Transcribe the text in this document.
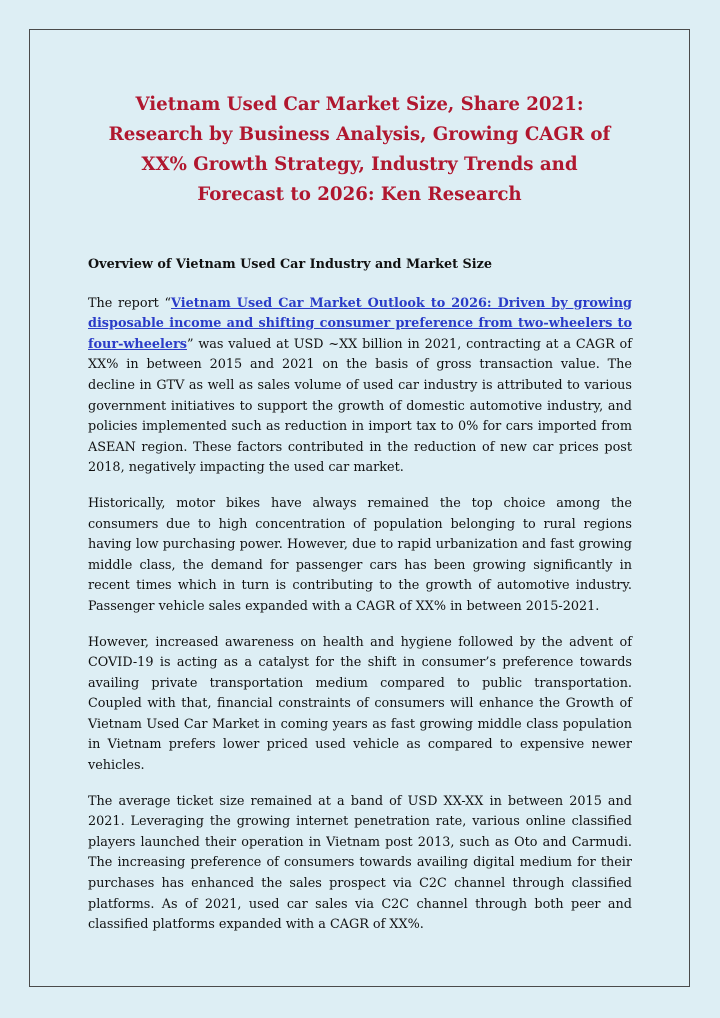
Vietnam Used Car Market Size, Share 2021: Research by Business Analysis, Growing CAGR of XX% Growth Strategy, Industry Trends and Forecast to 2026: Ken Research

Overview of Vietnam Used Car Industry and Market Size

The report “Vietnam Used Car Market Outlook to 2026: Driven by growing disposable income and shifting consumer preference from two-wheelers to four-wheelers” was valued at USD ~XX billion in 2021, contracting at a CAGR of XX% in between 2015 and 2021 on the basis of gross transaction value. The decline in GTV as well as sales volume of used car industry is attributed to various government initiatives to support the growth of domestic automotive industry, and policies implemented such as reduction in import tax to 0% for cars imported from ASEAN region. These factors contributed in the reduction of new car prices post 2018, negatively impacting the used car market.

Historically, motor bikes have always remained the top choice among the consumers due to high concentration of population belonging to rural regions having low purchasing power. However, due to rapid urbanization and fast growing middle class, the demand for passenger cars has been growing significantly in recent times which in turn is contributing to the growth of automotive industry. Passenger vehicle sales expanded with a CAGR of XX% in between 2015-2021.

However, increased awareness on health and hygiene followed by the advent of COVID-19 is acting as a catalyst for the shift in consumer’s preference towards availing private transportation medium compared to public transportation. Coupled with that, financial constraints of consumers will enhance the Growth of Vietnam Used Car Market in coming years as fast growing middle class population in Vietnam prefers lower priced used vehicle as compared to expensive newer vehicles.

The average ticket size remained at a band of USD XX-XX in between 2015 and 2021. Leveraging the growing internet penetration rate, various online classified players launched their operation in Vietnam post 2013, such as Oto and Carmudi. The increasing preference of consumers towards availing digital medium for their purchases has enhanced the sales prospect via C2C channel through classified platforms. As of 2021, used car sales via C2C channel through both peer and classified platforms expanded with a CAGR of XX%.
